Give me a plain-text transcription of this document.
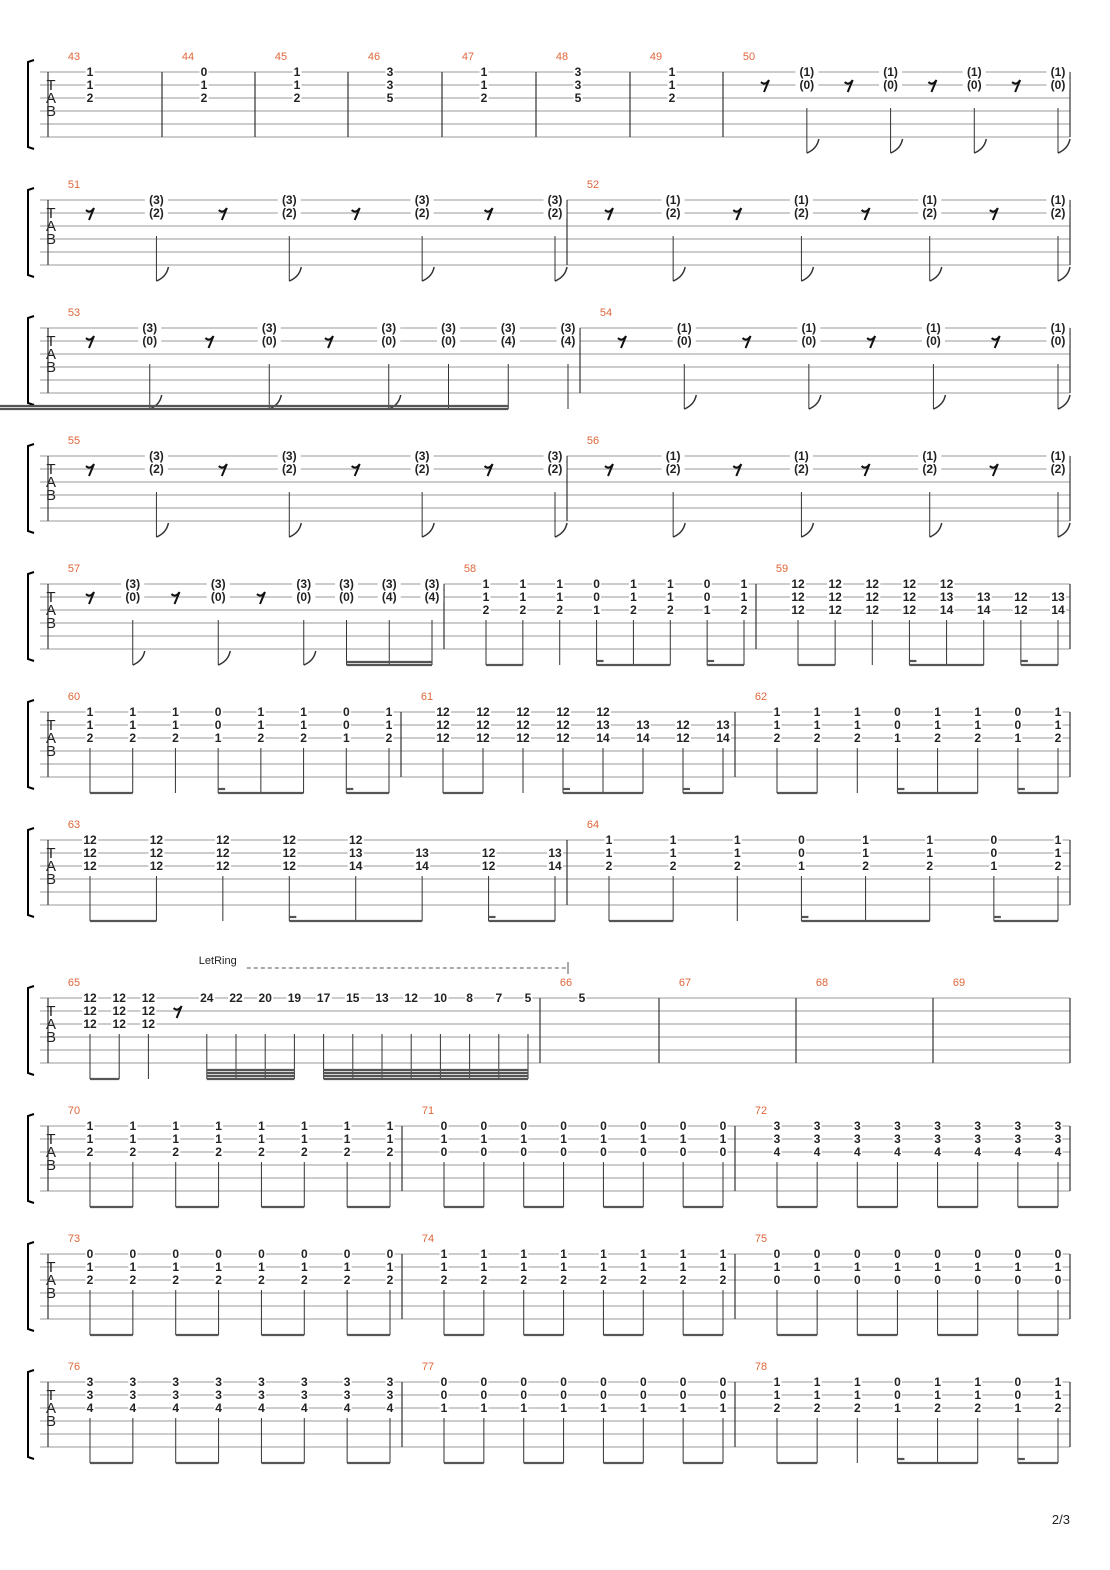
T
A
B
43
1
1
2
44
0
1
2
45
1
1
2
46
3
3
5
47
1
1
2
48
3
3
5
49
1
1
2
50
(1)
(0)
(1)
(0)
(1)
(0)
(1)
(0)
T
A
B
51
(3)
(2)
(3)
(2)
(3)
(2)
(3)
(2)
52
(1)
(2)
(1)
(2)
(1)
(2)
(1)
(2)
T
A
B
53
(3)
(0)
(3)
(0)
(3)
(0)
(3)
(0)
(3)
(4)
(3)
(4)
54
(1)
(0)
(1)
(0)
(1)
(0)
(1)
(0)
T
A
B
55
(3)
(2)
(3)
(2)
(3)
(2)
(3)
(2)
56
(1)
(2)
(1)
(2)
(1)
(2)
(1)
(2)
T
A
B
57
(3)
(0)
(3)
(0)
(3)
(0)
(3)
(0)
(3)
(4)
(3)
(4)
58
1
1
2
1
1
2
1
1
2
0
0
1
1
1
2
1
1
2
0
0
1
1
1
2
59
12
12
12
12
12
12
12
12
12
12
12
12
12
13
14
13
14
12
12
13
14
T
A
B
60
1
1
2
1
1
2
1
1
2
0
0
1
1
1
2
1
1
2
0
0
1
1
1
2
61
12
12
12
12
12
12
12
12
12
12
12
12
12
13
14
13
14
12
12
13
14
62
1
1
2
1
1
2
1
1
2
0
0
1
1
1
2
1
1
2
0
0
1
1
1
2
T
A
B
63
12
12
12
12
12
12
12
12
12
12
12
12
12
13
14
13
14
12
12
13
14
64
1
1
2
1
1
2
1
1
2
0
0
1
1
1
2
1
1
2
0
0
1
1
1
2
T
A
B
65
12
12
12
12
12
12
12
12
12
24 22 20 19 17 15 13 12 10 8 7 5
LetRing
66
5
67	68	69
T
A
B
70
1
1
2
1
1
2
1
1
2
1
1
2
1
1
2
1
1
2
1
1
2
1
1
2
71
0
1
0
0
1
0
0
1
0
0
1
0
0
1
0
0
1
0
0
1
0
0
1
0
72
3
3
4
3
3
4
3
3
4
3
3
4
3
3
4
3
3
4
3
3
4
3
3
4
T
A
B
73
0
1
2
0
1
2
0
1
2
0
1
2
0
1
2
0
1
2
0
1
2
0
1
2
74
1
1
2
1
1
2
1
1
2
1
1
2
1
1
2
1
1
2
1
1
2
1
1
2
75
0
1
0
0
1
0
0
1
0
0
1
0
0
1
0
0
1
0
0
1
0
0
1
0
T
A
B
76
3
3
4
3
3
4
3
3
4
3
3
4
3
3
4
3
3
4
3
3
4
3
3
4
77
0
0
1
0
0
1
0
0
1
0
0
1
0
0
1
0
0
1
0
0
1
0
0
1
78
1
1
2
1
1
2
1
1
2
0
0
1
1
1
2
1
1
2
0
0
1
1
1
2
2/3
